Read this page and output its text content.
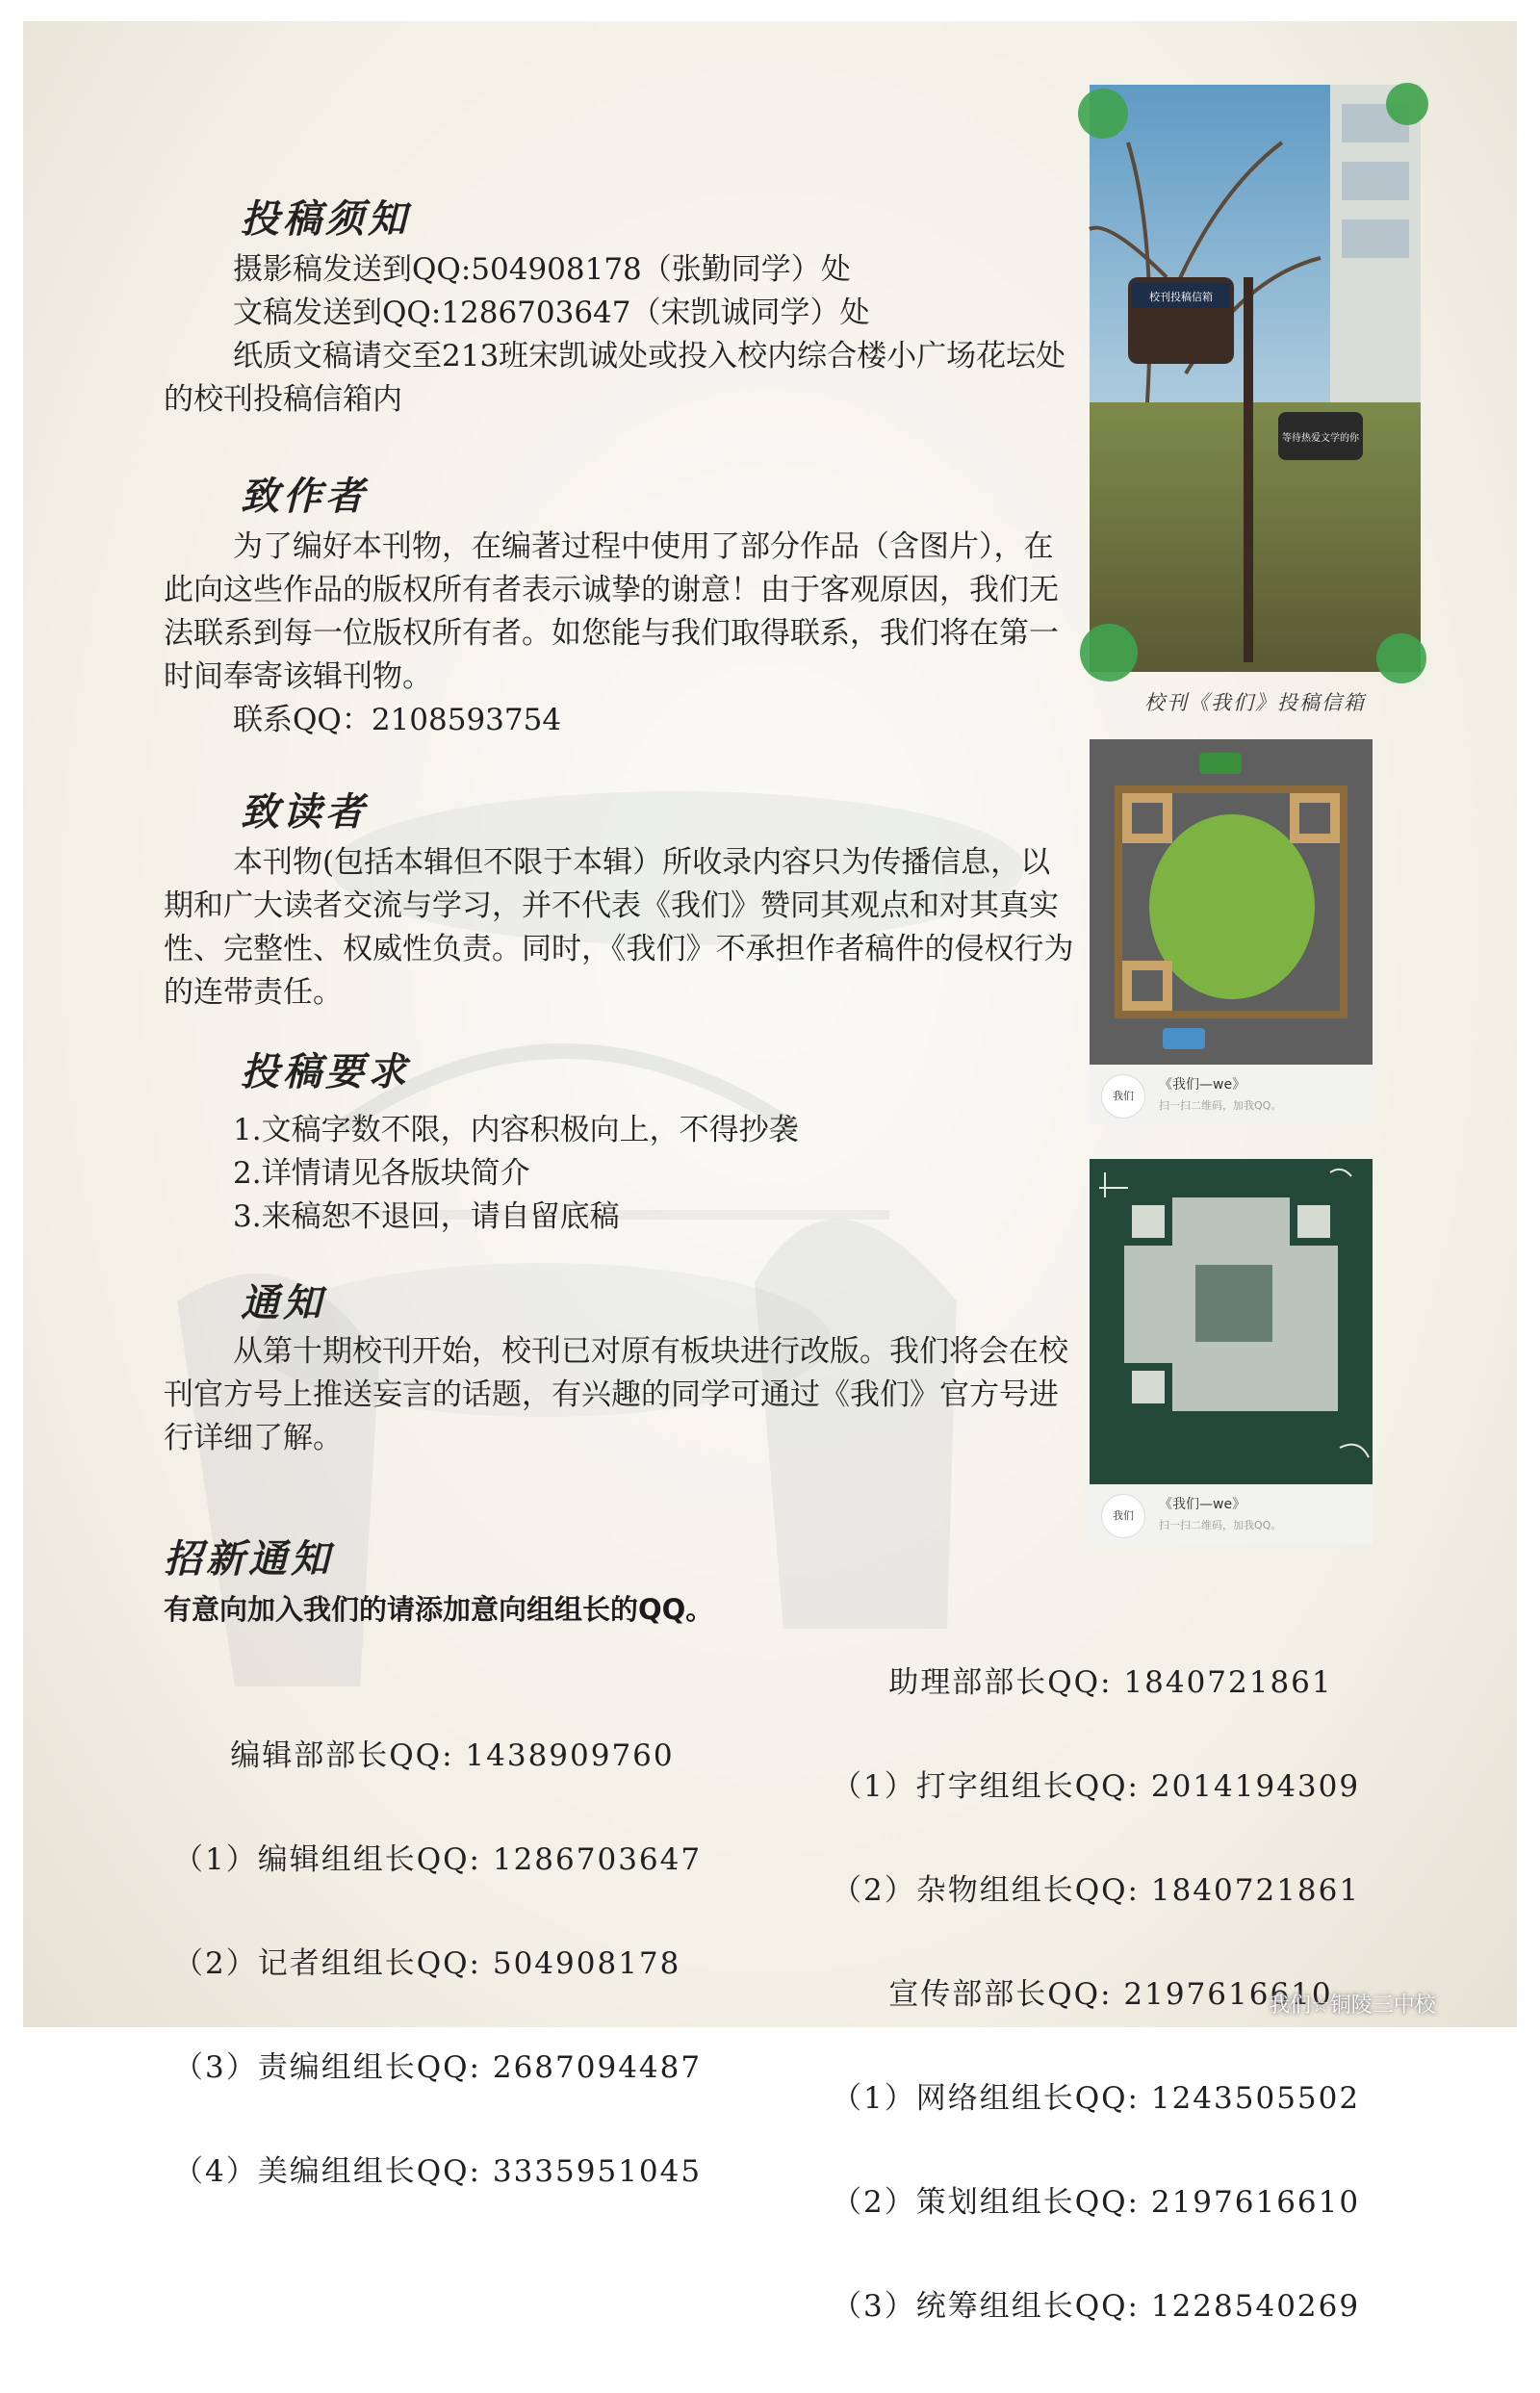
投稿须知

摄影稿发送到QQ:504908178（张勤同学）处

文稿发送到QQ:1286703647（宋凯诚同学）处

纸质文稿请交至213班宋凯诚处或投入校内综合楼小广场花坛处的校刊投稿信箱内

致作者

为了编好本刊物，在编著过程中使用了部分作品（含图片），在此向这些作品的版权所有者表示诚挚的谢意！由于客观原因，我们无法联系到每一位版权所有者。如您能与我们取得联系，我们将在第一时间奉寄该辑刊物。

联系QQ：2108593754

致读者

本刊物(包括本辑但不限于本辑）所收录内容只为传播信息，以期和广大读者交流与学习，并不代表《我们》赞同其观点和对其真实性、完整性、权威性负责。同时，《我们》不承担作者稿件的侵权行为的连带责任。

投稿要求

1.文稿字数不限，内容积极向上，不得抄袭

2.详情请见各版块简介

3.来稿恕不退回，请自留底稿

通知

从第十期校刊开始，校刊已对原有板块进行改版。我们将会在校刊官方号上推送妄言的话题，有兴趣的同学可通过《我们》官方号进行详细了解。

招新通知
有意向加入我们的请添加意向组组长的QQ。

编辑部部长QQ: 1438909760

（1）编辑组组长QQ: 1286703647

（2）记者组组长QQ: 504908178

（3）责编组组长QQ: 2687094487

（4）美编组组长QQ: 3335951045

助理部部长QQ: 1840721861

（1）打字组组长QQ: 2014194309

（2）杂物组组长QQ: 1840721861

宣传部部长QQ: 2197616610

（1）网络组组长QQ: 1243505502

（2）策划组组长QQ: 2197616610

（3）统筹组组长QQ: 1228540269

校刊投稿信箱
等待热爱文学的你
校刊《我们》投稿信箱
我们
《我们—we》
扫一扫二维码，加我QQ。
我们
《我们—we》
扫一扫二维码，加我QQ。
我们☆铜陵三中校
